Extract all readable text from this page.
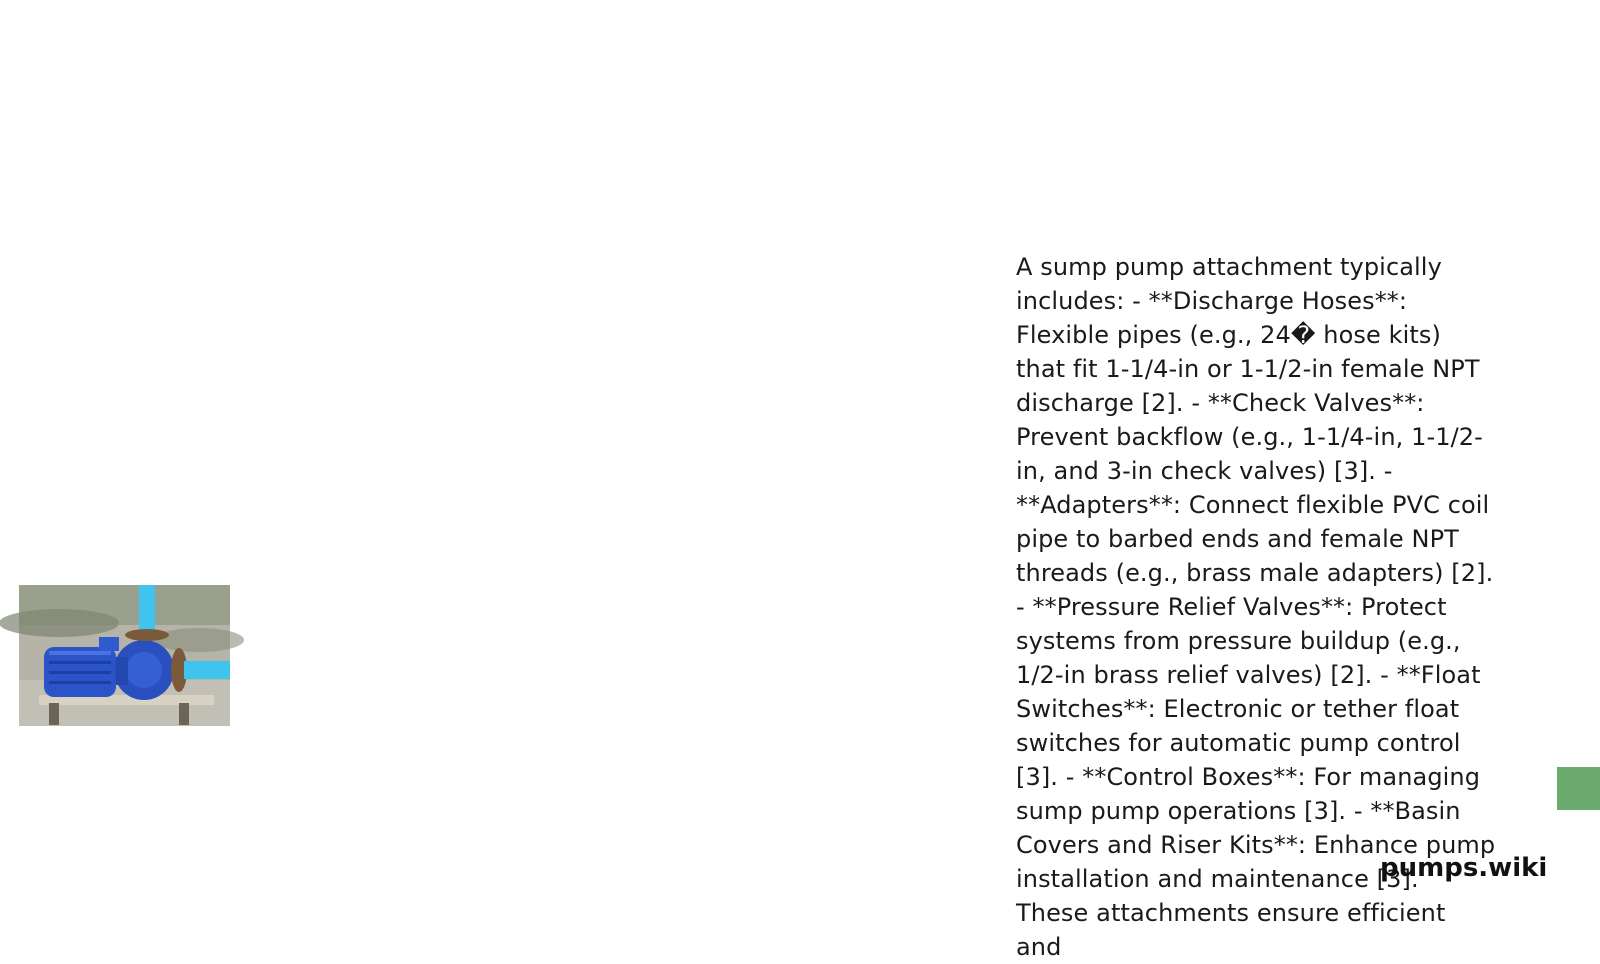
A sump pump attachment typically includes: - **Discharge Hoses**: Flexible pipes (e.g., 24� hose kits) that fit 1-1/4-in or 1-1/2-in female NPT discharge [2]. - **Check Valves**: Prevent backflow (e.g., 1-1/4-in, 1-1/2-in, and 3-in check valves) [3]. - **Adapters**: Connect flexible PVC coil pipe to barbed ends and female NPT threads (e.g., brass male adapters) [2]. - **Pressure Relief Valves**: Protect systems from pressure buildup (e.g., 1/2-in brass relief valves) [2]. - **Float Switches**: Electronic or tether float switches for automatic pump control [3]. - **Control Boxes**: For managing sump pump operations [3]. - **Basin Covers and Riser Kits**: Enhance pump installation and maintenance [3]. These attachments ensure efficient and
pumps.wiki
